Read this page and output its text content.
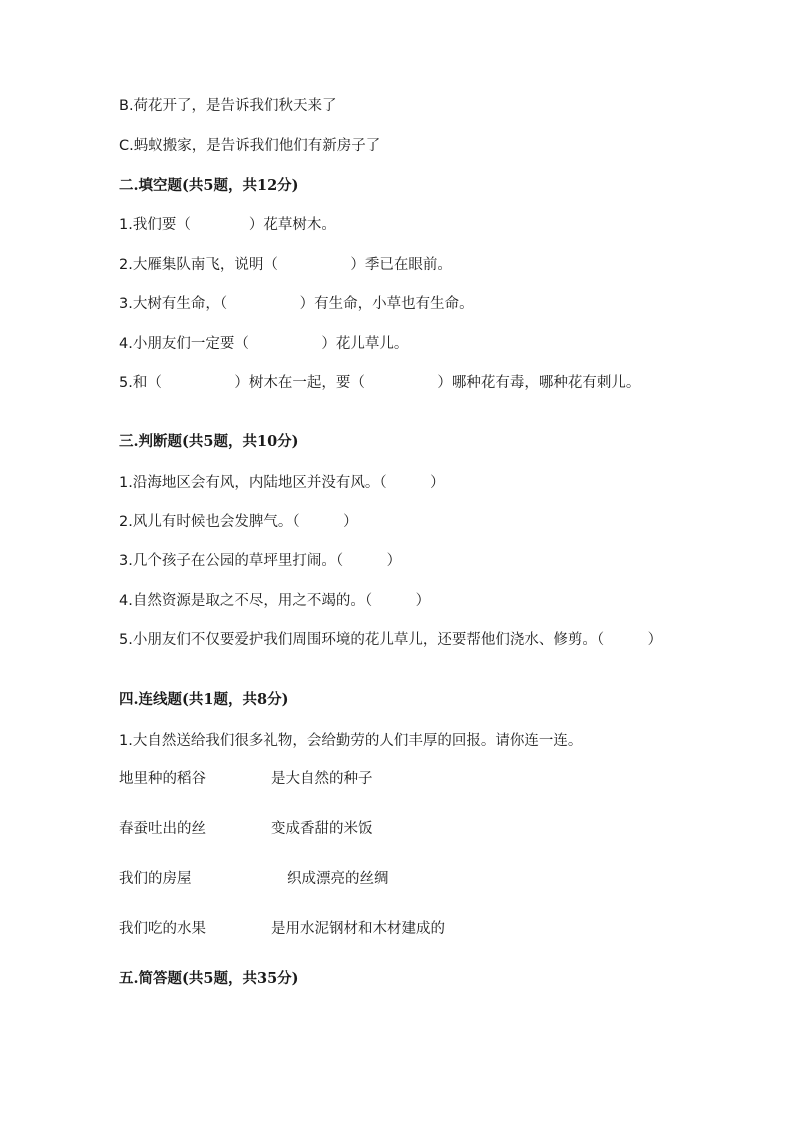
B.荷花开了，是告诉我们秋天来了
C.蚂蚁搬家，是告诉我们他们有新房子了
二.填空题(共5题，共12分)
1.我们要（　　　　）花草树木。
2.大雁集队南飞，说明（　　　　　）季已在眼前。
3.大树有生命，（　　　　　）有生命，小草也有生命。
4.小朋友们一定要（　　　　　）花儿草儿。
5.和（　　　　　）树木在一起，要（　　　　　）哪种花有毒，哪种花有刺儿。
三.判断题(共5题，共10分)
1.沿海地区会有风，内陆地区并没有风。（　　　）
2.风儿有时候也会发脾气。（　　　）
3.几个孩子在公园的草坪里打闹。（　　　）
4.自然资源是取之不尽，用之不竭的。（　　　）
5.小朋友们不仅要爱护我们周围环境的花儿草儿，还要帮他们浇水、修剪。（　　　）
四.连线题(共1题，共8分)
1.大自然送给我们很多礼物，会给勤劳的人们丰厚的回报。请你连一连。
地里种的稻谷	是大自然的种子
春蚕吐出的丝	变成香甜的米饭
我们的房屋	织成漂亮的丝绸
我们吃的水果	是用水泥钢材和木材建成的
五.简答题(共5题，共35分)
